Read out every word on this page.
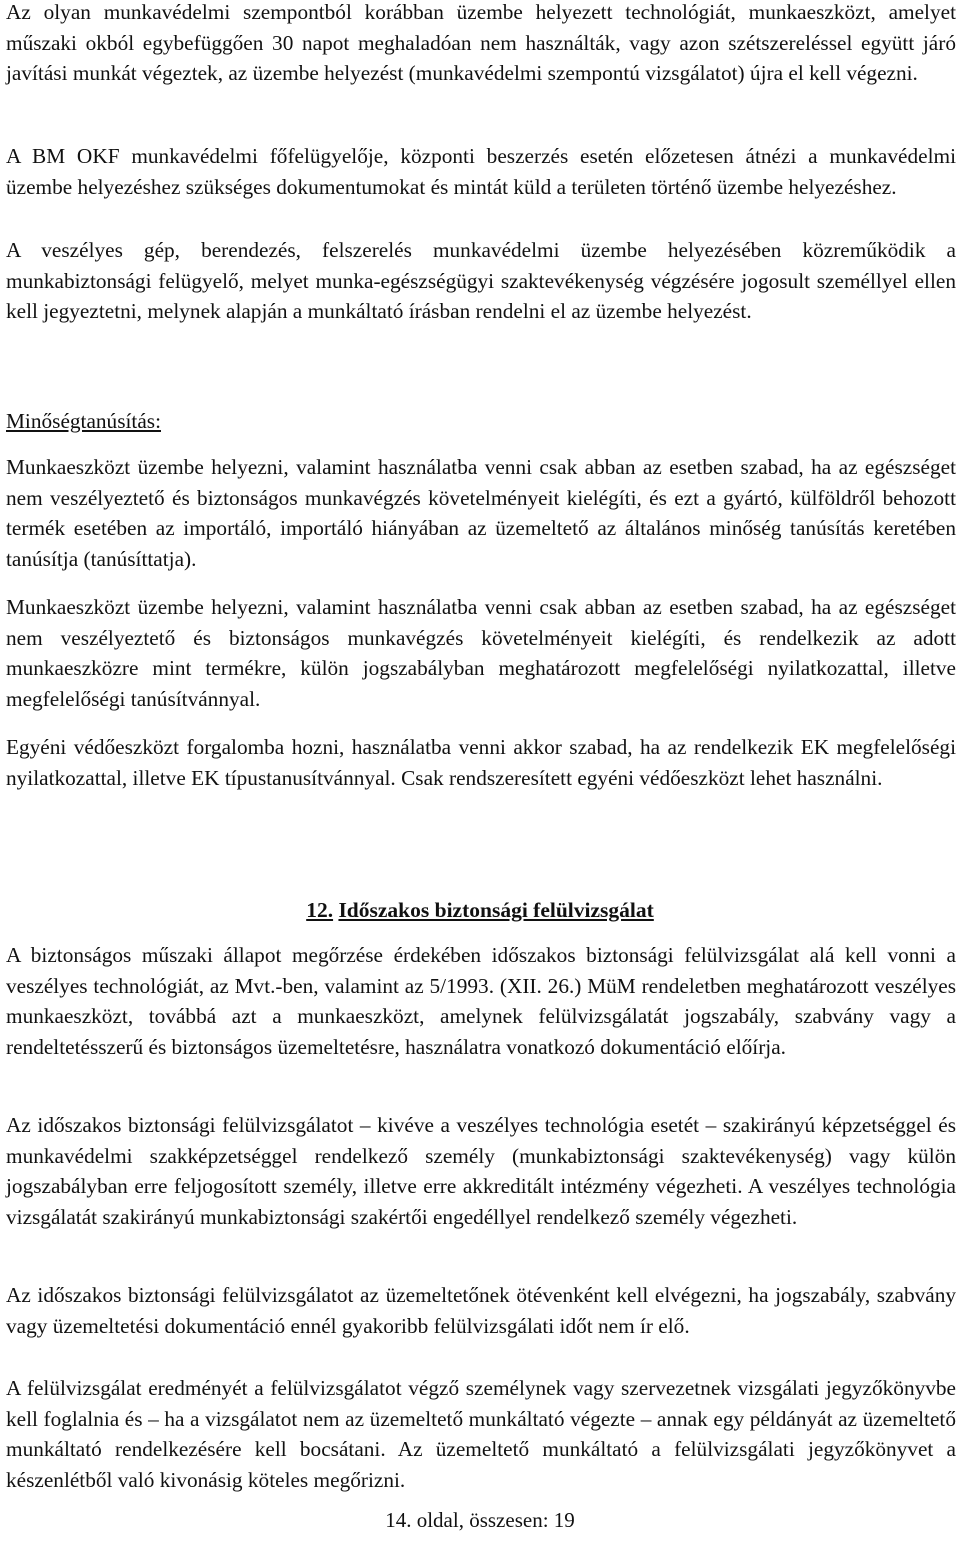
Az olyan munkavédelmi szempontból korábban üzembe helyezett technológiát, munkaeszközt, amelyet műszaki okból egybefüggően 30 napot meghaladóan nem használták, vagy azon szétszereléssel együtt járó javítási munkát végeztek, az üzembe helyezést (munkavédelmi szempontú vizsgálatot) újra el kell végezni.

A BM OKF munkavédelmi főfelügyelője, központi beszerzés esetén előzetesen átnézi a munkavédelmi üzembe helyezéshez szükséges dokumentumokat és mintát küld a területen történő üzembe helyezéshez.

A veszélyes gép, berendezés, felszerelés munkavédelmi üzembe helyezésében közreműködik a munkabiztonsági felügyelő, melyet munka-egészségügyi szaktevékenység végzésére jogosult személlyel ellen kell jegyeztetni, melynek alapján a munkáltató írásban rendelni el az üzembe helyezést.

Minőségtanúsítás:

Munkaeszközt üzembe helyezni, valamint használatba venni csak abban az esetben szabad, ha az egészséget nem veszélyeztető és biztonságos munkavégzés követelményeit kielégíti, és ezt a gyártó, külföldről behozott termék esetében az importáló, importáló hiányában az üzemeltető az általános minőség tanúsítás keretében tanúsítja (tanúsíttatja).

Munkaeszközt üzembe helyezni, valamint használatba venni csak abban az esetben szabad, ha az egészséget nem veszélyeztető és biztonságos munkavégzés követelményeit kielégíti, és rendelkezik az adott munkaeszközre mint termékre, külön jogszabályban meghatározott megfelelőségi nyilatkozattal, illetve megfelelőségi tanúsítvánnyal.

Egyéni védőeszközt forgalomba hozni, használatba venni akkor szabad, ha az rendelkezik EK megfelelőségi nyilatkozattal, illetve EK típustanusítvánnyal. Csak rendszeresített egyéni védőeszközt lehet használni.

12. Időszakos biztonsági felülvizsgálat

A biztonságos műszaki állapot megőrzése érdekében időszakos biztonsági felülvizsgálat alá kell vonni a veszélyes technológiát, az Mvt.-ben, valamint az 5/1993. (XII. 26.) MüM rendeletben meghatározott veszélyes munkaeszközt, továbbá azt a munkaeszközt, amelynek felülvizsgálatát jogszabály, szabvány vagy a rendeltetésszerű és biztonságos üzemeltetésre, használatra vonatkozó dokumentáció előírja.

Az időszakos biztonsági felülvizsgálatot – kivéve a veszélyes technológia esetét – szakirányú képzetséggel és munkavédelmi szakképzetséggel rendelkező személy (munkabiztonsági szaktevékenység) vagy külön jogszabályban erre feljogosított személy, illetve erre akkreditált intézmény végezheti. A veszélyes technológia vizsgálatát szakirányú munkabiztonsági szakértői engedéllyel rendelkező személy végezheti.

Az időszakos biztonsági felülvizsgálatot az üzemeltetőnek ötévenként kell elvégezni, ha jogszabály, szabvány vagy üzemeltetési dokumentáció ennél gyakoribb felülvizsgálati időt nem ír elő.

A felülvizsgálat eredményét a felülvizsgálatot végző személynek vagy szervezetnek vizsgálati jegyzőkönyvbe kell foglalnia és – ha a vizsgálatot nem az üzemeltető munkáltató végezte – annak egy példányát az üzemeltető munkáltató rendelkezésére kell bocsátani. Az üzemeltető munkáltató a felülvizsgálati jegyzőkönyvet a készenlétből való kivonásig köteles megőrizni.

14. oldal, összesen: 19
